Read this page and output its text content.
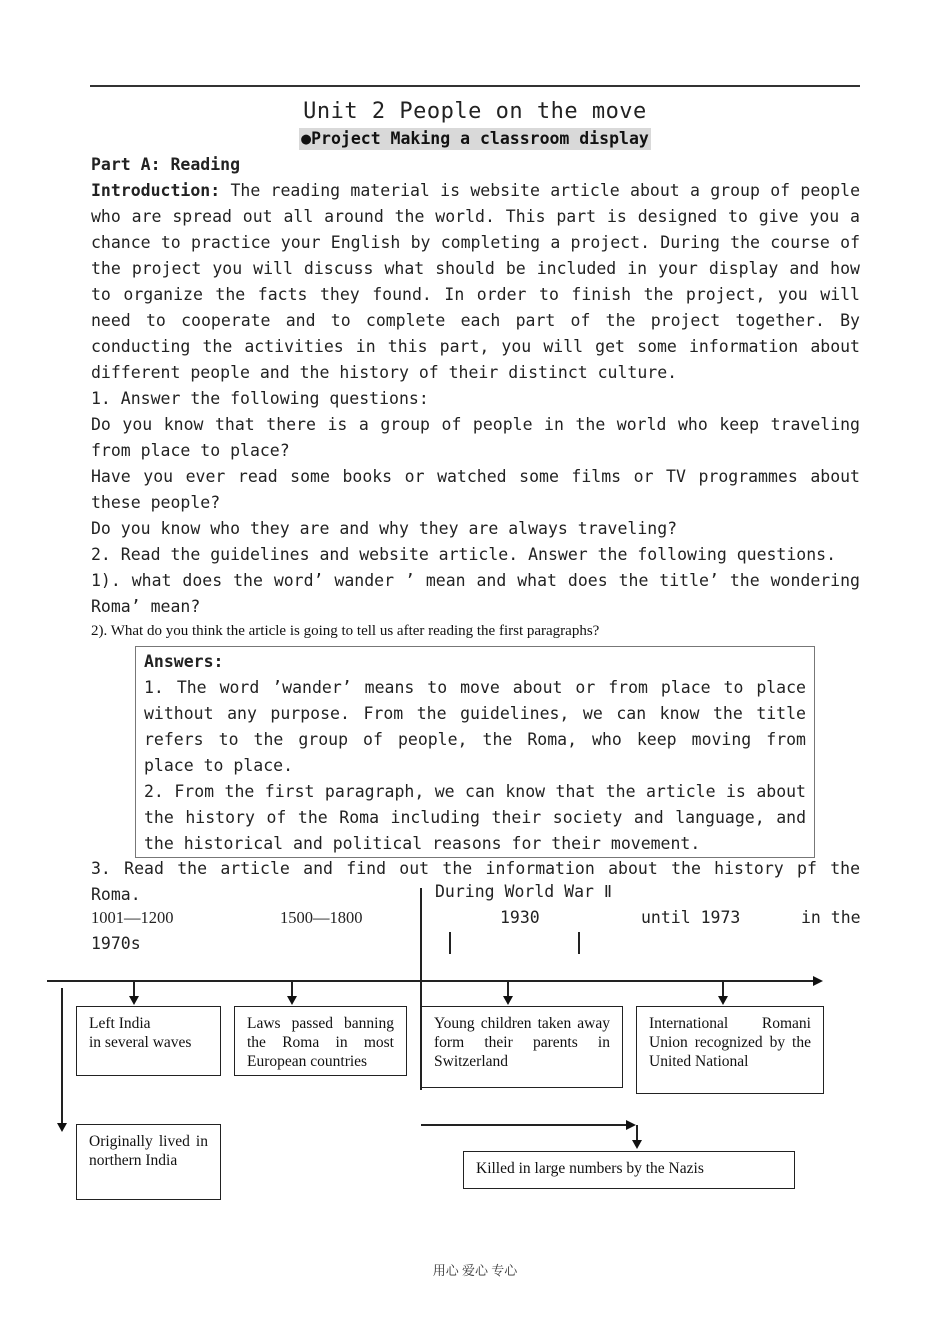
Unit 2 People on the move
●Project Making a classroom display

Part A: Reading

Introduction: The reading material is website article about a group of people who are spread out all around the world. This part is designed to give you a chance to practice your English by completing a project. During the course of the project you will discuss what should be included in your display and how to organize the facts they found. In order to finish the project, you will need to cooperate and to complete each part of the project together. By conducting the activities in this part, you will get some information about different people and the history of their distinct culture.

1. Answer the following questions:

Do you know that there is a group of people in the world who keep traveling from place to place?

Have you ever read some books or watched some films or TV programmes about these people?

Do you know who they are and why they are always traveling?

2. Read the guidelines and website article. Answer the following questions.

1). what does the word’ wander ’ mean and what does the title’ the wondering Roma’ mean?

2). What do you think the article is going to tell us after reading the first paragraphs?

Answers:

1. The word ’wander’ means to move about or from place to place without any purpose. From the guidelines, we can know the title refers to the group of people, the Roma, who keep moving from place to place.

2. From the first paragraph, we can know that the article is about the history of the Roma including their society and language, and the historical and political reasons for their movement.

3. Read the article and find out the information about the history pf the Roma.	During World War Ⅱ
1001—1200	1500—1800	1930	until 1973	in the
1970s
Left India
in several waves
Laws passed banning the Roma in most European countries
Young children taken away form their parents in Switzerland
International Romani Union recognized by the United National
Originally lived in northern India	Killed in large numbers by the Nazis
用心 爱心 专心
